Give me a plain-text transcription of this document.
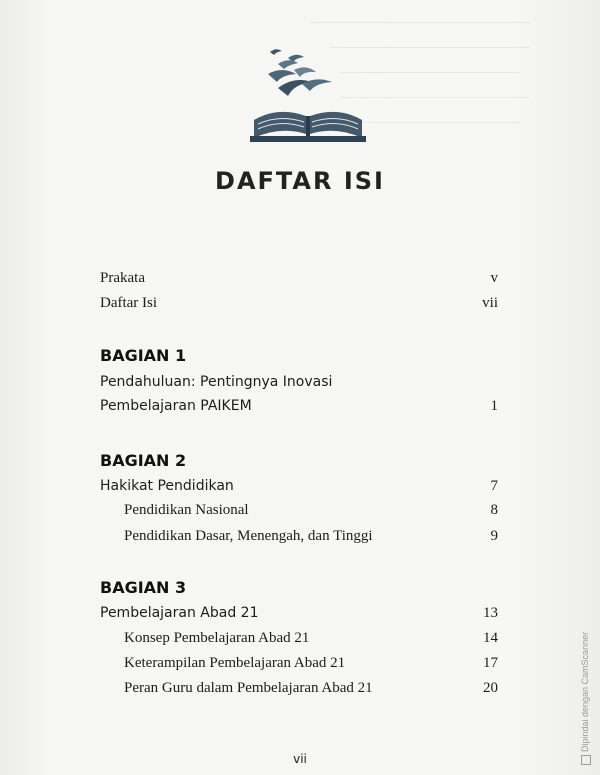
DAFTAR ISI
Prakata	v
Daftar Isi	vii
BAGIAN 1
Pendahuluan: Pentingnya Inovasi
Pembelajaran PAIKEM	1
BAGIAN 2
Hakikat Pendidikan	7
Pendidikan Nasional	8
Pendidikan Dasar, Menengah, dan Tinggi	9
BAGIAN 3
Pembelajaran Abad 21	13
Konsep Pembelajaran Abad 21	14
Keterampilan Pembelajaran Abad 21	17
Peran Guru dalam Pembelajaran Abad 21	20
vii
Dipindai dengan CamScanner
